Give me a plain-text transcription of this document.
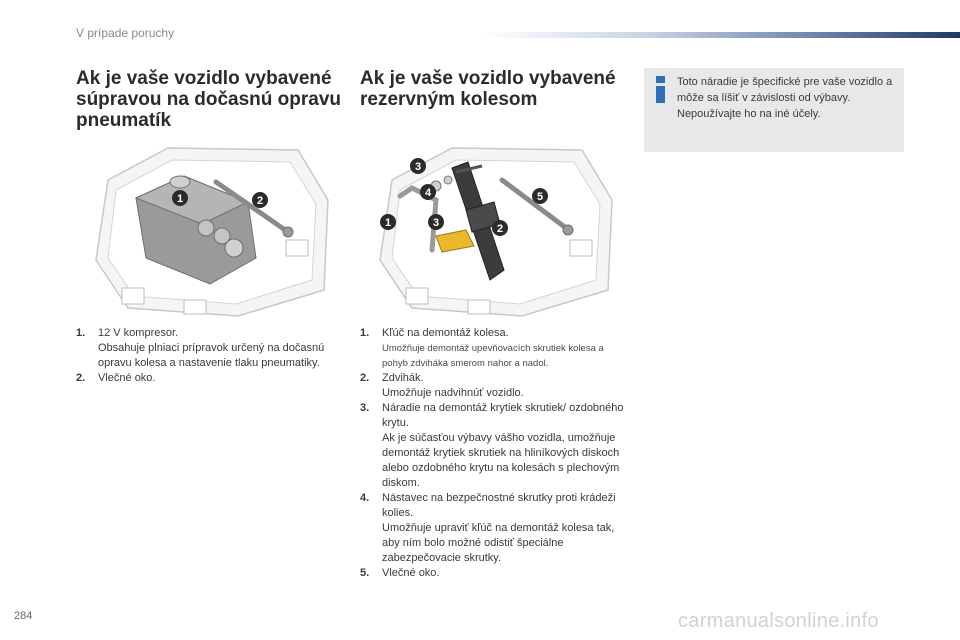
V prípade poruchy
Ak je vaše vozidlo vybavené súpravou na dočasnú opravu pneumatík
1	2
1.	12 V kompresor.
Obsahuje plniaci prípravok určený na dočasnú opravu kolesa a nastavenie tlaku pneumatiky.
2.	Vlečné oko.
Ak je vaše vozidlo vybavené rezervným kolesom
3
4
1	3	2
5
1.	Kľúč na demontáž kolesa.
Umožňuje demontáž upevňovacích skrutiek kolesa a pohyb zdviháka smerom nahor a nadol.
2.	Zdvihák.
Umožňuje nadvihnúť vozidlo.
3.	Náradie na demontáž krytiek skrutiek/ ozdobného krytu.
Ak je súčasťou výbavy vášho vozidla, umožňuje demontáž krytiek skrutiek na hliníkových diskoch alebo ozdobného krytu na kolesách s plechovým diskom.
4.	Nástavec na bezpečnostné skrutky proti krádeži kolies.
Umožňuje upraviť kľúč na demontáž kolesa tak, aby ním bolo možné odistiť špeciálne zabezpečovacie skrutky.
5.	Vlečné oko.
Toto náradie je špecifické pre vaše vozidlo a môže sa líšiť v závislosti od výbavy. Nepoužívajte ho na iné účely.
284	carmanualsonline.info
